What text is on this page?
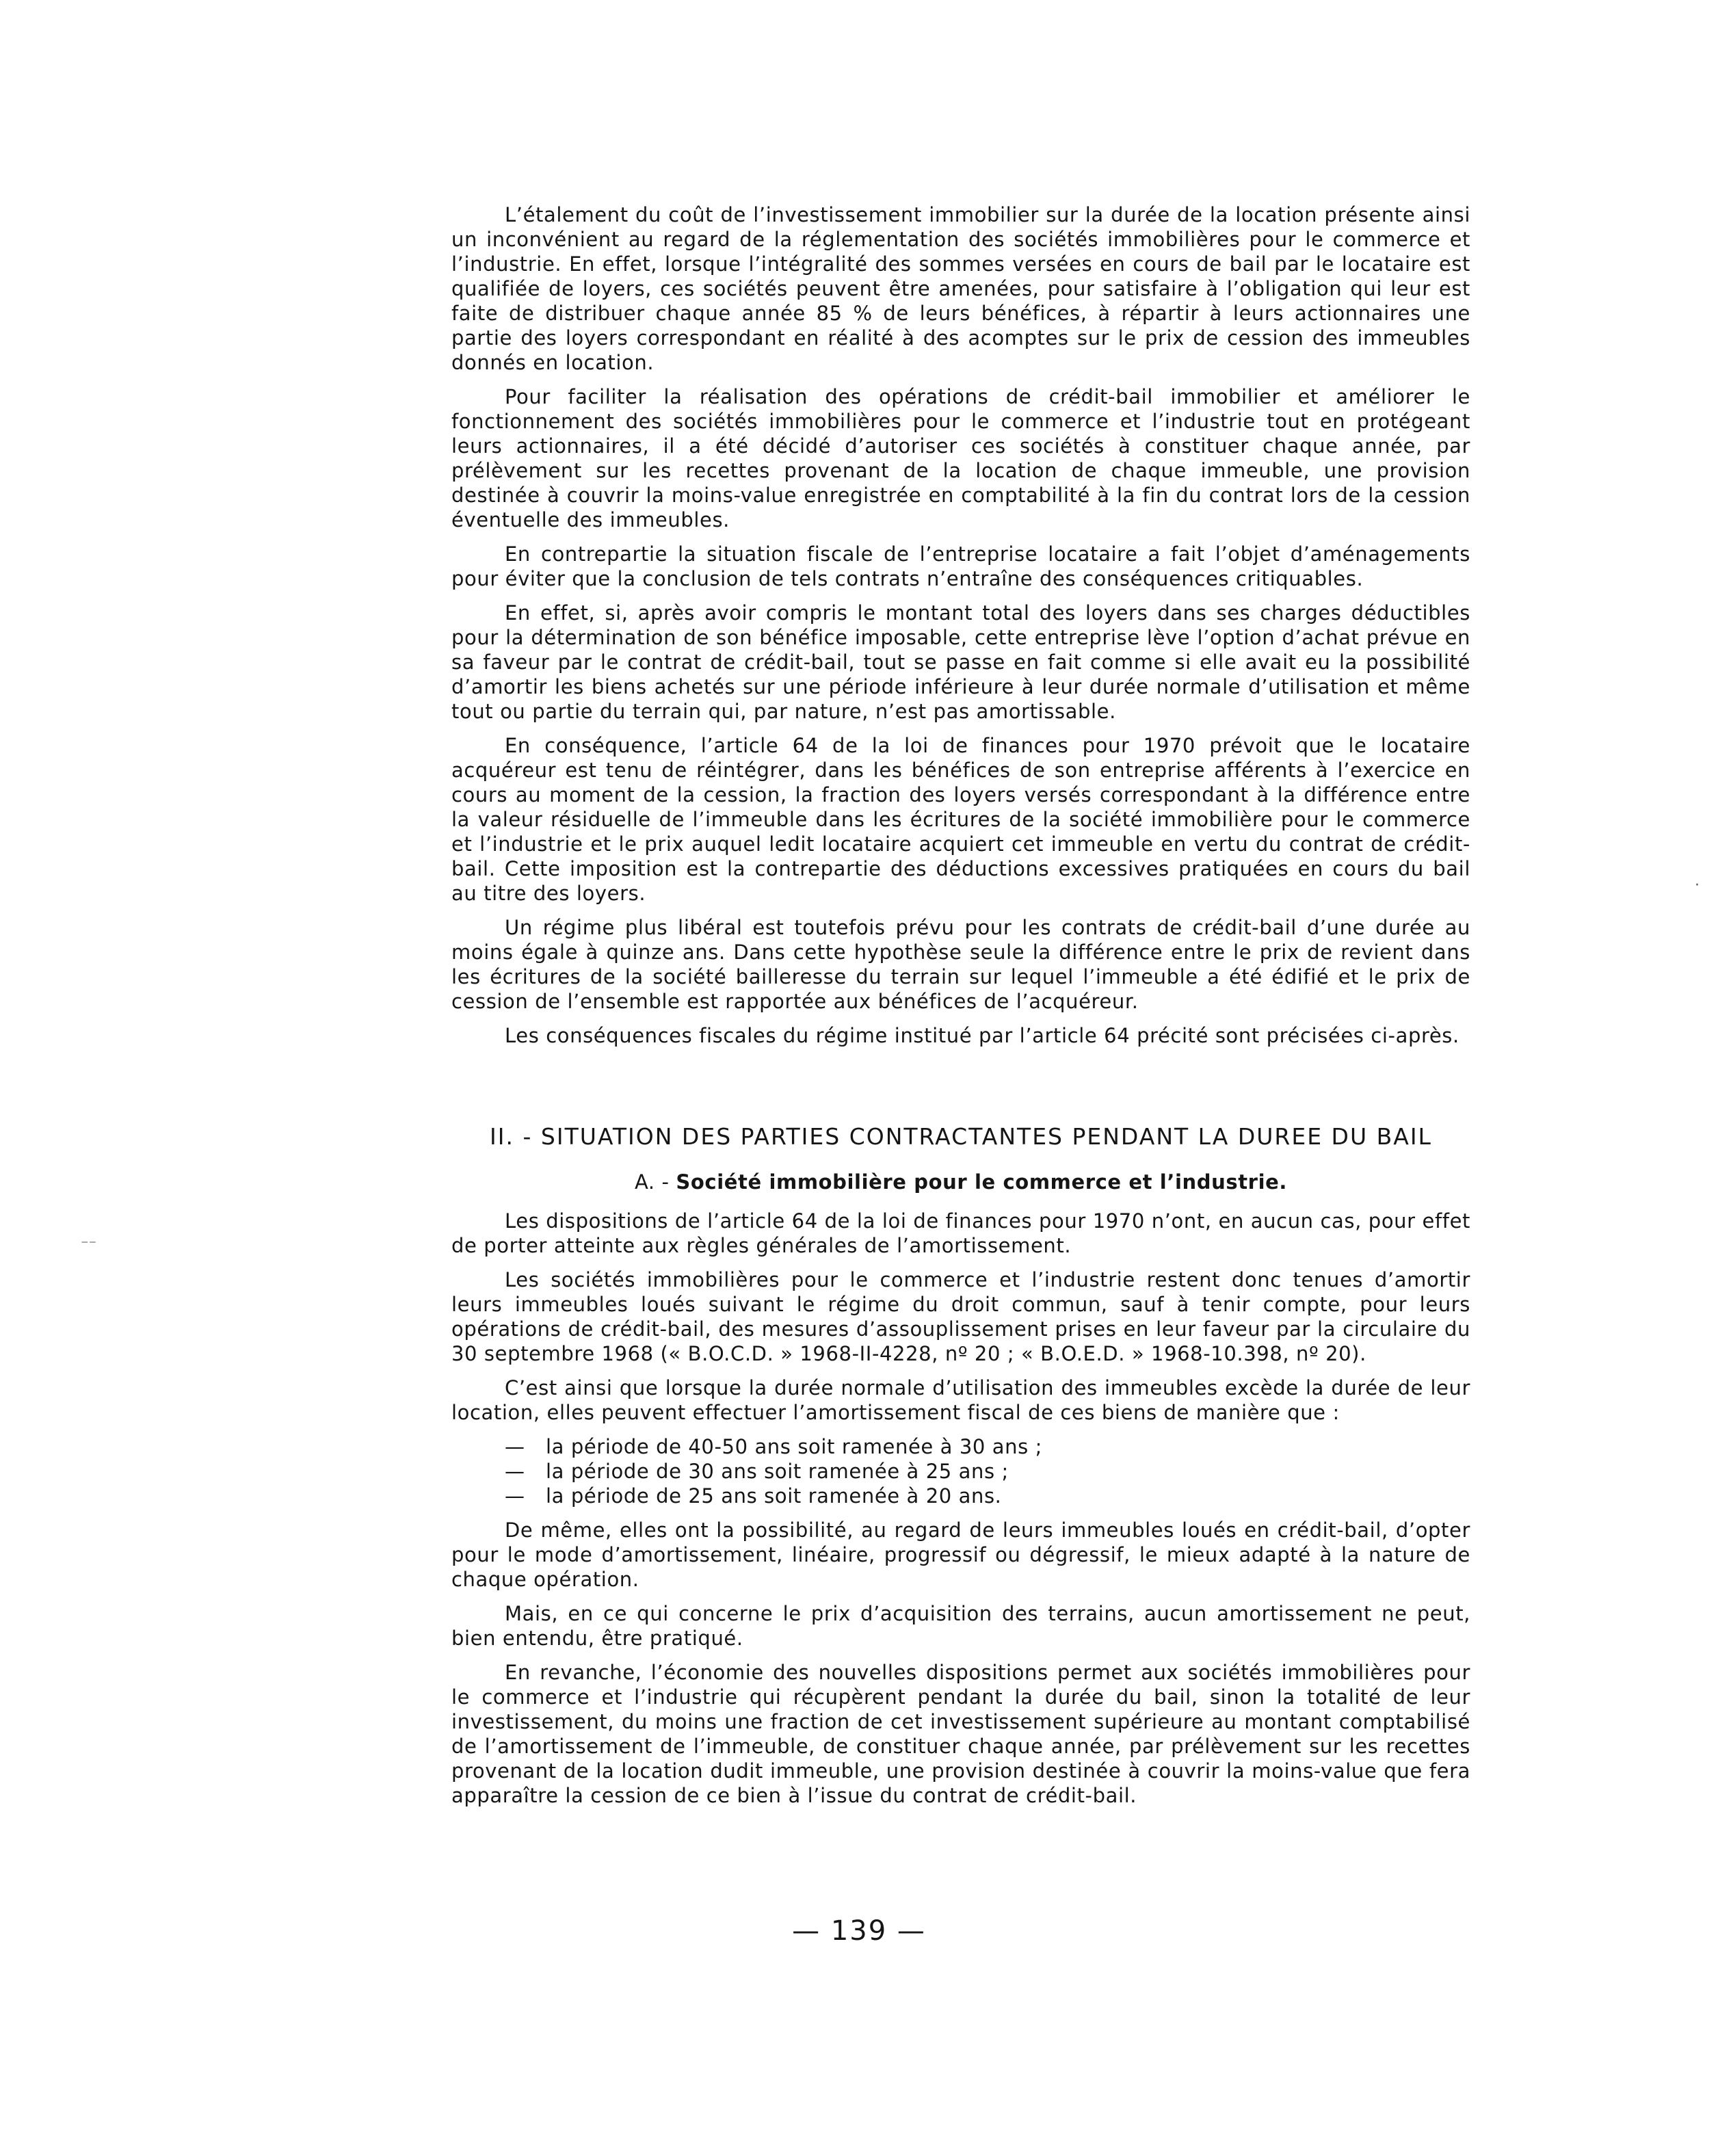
L’étalement du coût de l’investissement immobilier sur la durée de la location présente ainsi un inconvénient au regard de la réglementation des sociétés immobilières pour le commerce et l’industrie. En effet, lorsque l’intégralité des sommes versées en cours de bail par le locataire est qualifiée de loyers, ces sociétés peuvent être amenées, pour satisfaire à l’obligation qui leur est faite de distribuer chaque année 85 % de leurs bénéfices, à répartir à leurs actionnaires une partie des loyers correspondant en réalité à des acomptes sur le prix de cession des immeubles donnés en location.

Pour faciliter la réalisation des opérations de crédit-bail immobilier et améliorer le fonctionnement des sociétés immobilières pour le commerce et l’industrie tout en protégeant leurs actionnaires, il a été décidé d’autoriser ces sociétés à constituer chaque année, par prélèvement sur les recettes provenant de la location de chaque immeuble, une provision destinée à couvrir la moins-value enregistrée en comptabilité à la fin du contrat lors de la cession éventuelle des immeubles.

En contrepartie la situation fiscale de l’entreprise locataire a fait l’objet d’aménagements pour éviter que la conclusion de tels contrats n’entraîne des conséquences critiquables.

En effet, si, après avoir compris le montant total des loyers dans ses charges déductibles pour la détermination de son bénéfice imposable, cette entreprise lève l’option d’achat prévue en sa faveur par le contrat de crédit-bail, tout se passe en fait comme si elle avait eu la possibilité d’amortir les biens achetés sur une période inférieure à leur durée normale d’utilisation et même tout ou partie du terrain qui, par nature, n’est pas amortissable.

En conséquence, l’article 64 de la loi de finances pour 1970 prévoit que le locataire acquéreur est tenu de réintégrer, dans les bénéfices de son entreprise afférents à l’exercice en cours au moment de la cession, la fraction des loyers versés correspondant à la différence entre la valeur résiduelle de l’immeuble dans les écritures de la société immobilière pour le commerce et l’industrie et le prix auquel ledit locataire acquiert cet immeuble en vertu du contrat de crédit-bail. Cette imposition est la contrepartie des déductions excessives pratiquées en cours du bail au titre des loyers.

Un régime plus libéral est toutefois prévu pour les contrats de crédit-bail d’une durée au moins égale à quinze ans. Dans cette hypothèse seule la différence entre le prix de revient dans les écritures de la société bailleresse du terrain sur lequel l’immeuble a été édifié et le prix de cession de l’ensemble est rapportée aux bénéfices de l’acquéreur.

Les conséquences fiscales du régime institué par l’article 64 précité sont précisées ci-après.

II. - SITUATION DES PARTIES CONTRACTANTES PENDANT LA DUREE DU BAIL
A. - Société immobilière pour le commerce et l’industrie.

Les dispositions de l’article 64 de la loi de finances pour 1970 n’ont, en aucun cas, pour effet de porter atteinte aux règles générales de l’amortissement.

Les sociétés immobilières pour le commerce et l’industrie restent donc tenues d’amortir leurs immeubles loués suivant le régime du droit commun, sauf à tenir compte, pour leurs opérations de crédit-bail, des mesures d’assouplissement prises en leur faveur par la circulaire du 30 septembre 1968 (« B.O.C.D. » 1968-II-4228, nº 20 ; « B.O.E.D. » 1968-10.398, nº 20).

C’est ainsi que lorsque la durée normale d’utilisation des immeubles excède la durée de leur location, elles peuvent effectuer l’amortissement fiscal de ces biens de manière que :

— la période de 40-50 ans soit ramenée à 30 ans ;
— la période de 30 ans soit ramenée à 25 ans ;
— la période de 25 ans soit ramenée à 20 ans.

De même, elles ont la possibilité, au regard de leurs immeubles loués en crédit-bail, d’opter pour le mode d’amortissement, linéaire, progressif ou dégressif, le mieux adapté à la nature de chaque opération.

Mais, en ce qui concerne le prix d’acquisition des terrains, aucun amortissement ne peut, bien entendu, être pratiqué.

En revanche, l’économie des nouvelles dispositions permet aux sociétés immobilières pour le commerce et l’industrie qui récupèrent pendant la durée du bail, sinon la totalité de leur investissement, du moins une fraction de cet investissement supérieure au montant comptabilisé de l’amortissement de l’immeuble, de constituer chaque année, par prélèvement sur les recettes provenant de la location dudit immeuble, une provision destinée à couvrir la moins-value que fera apparaître la cession de ce bien à l’issue du contrat de crédit-bail.

— 139 —
·
⁻⁻
